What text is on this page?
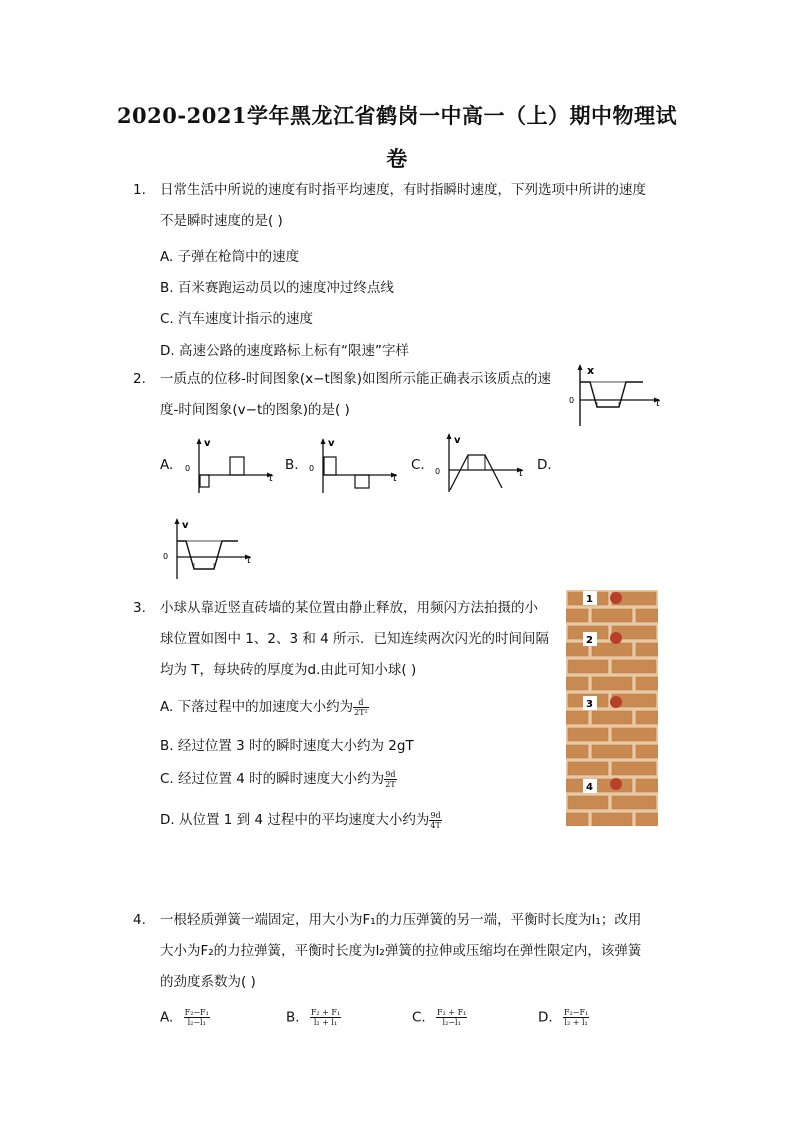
2020-2021学年黑龙江省鹤岗一中高一（上）期中物理试
卷
1. 日常生活中所说的速度有时指平均速度，有时指瞬时速度，下列选项中所讲的速度
不是瞬时速度的是( )
A. 子弹在枪筒中的速度
B. 百米赛跑运动员以的速度冲过终点线
C. 汽车速度计指示的速度
D. 高速公路的速度路标上标有“限速”字样
2. 一质点的位移-时间图象(x−t图象)如图所示能正确表示该质点的速
度-时间图象(v−t的图象)的是( )
x
0	t
A.
v
0
t
B.
v
0
t
C.
v
0	t
D.
v
0	t
3. 小球从靠近竖直砖墙的某位置由静止释放，用频闪方法拍摄的小
球位置如图中 1、2、3 和 4 所示．已知连续两次闪光的时间间隔
均为 T，每块砖的厚度为d.由此可知小球( )
A. 下落过程中的加速度大小约为 $\frac{d}{\text{2T²}}$
B. 经过位置 3 时的瞬时速度大小约为 2gT
C. 经过位置 4 时的瞬时速度大小约为 $\frac{9d}{2T}$
D. 从位置 1 到 4 过程中的平均速度大小约为 $\frac{9d}{4T}$
1
2
3
4
4. 一根轻质弹簧一端固定，用大小为F₁的力压弹簧的另一端，平衡时长度为l₁；改用
大小为F₂的力拉弹簧，平衡时长度为l₂弹簧的拉伸或压缩均在弹性限定内，该弹簧
的劲度系数为( )
A. $\frac{\text{F₂−F₁}}{\text{l₂−l₁}}$	B. $\frac{\text{F₂ + F₁}}{\text{l₂ + l₁}}$	C. $\frac{\text{F₂ + F₁}}{\text{l₂−l₁}}$	D. $\frac{\text{F₂−F₁}}{\text{l₂ + l₁}}$
